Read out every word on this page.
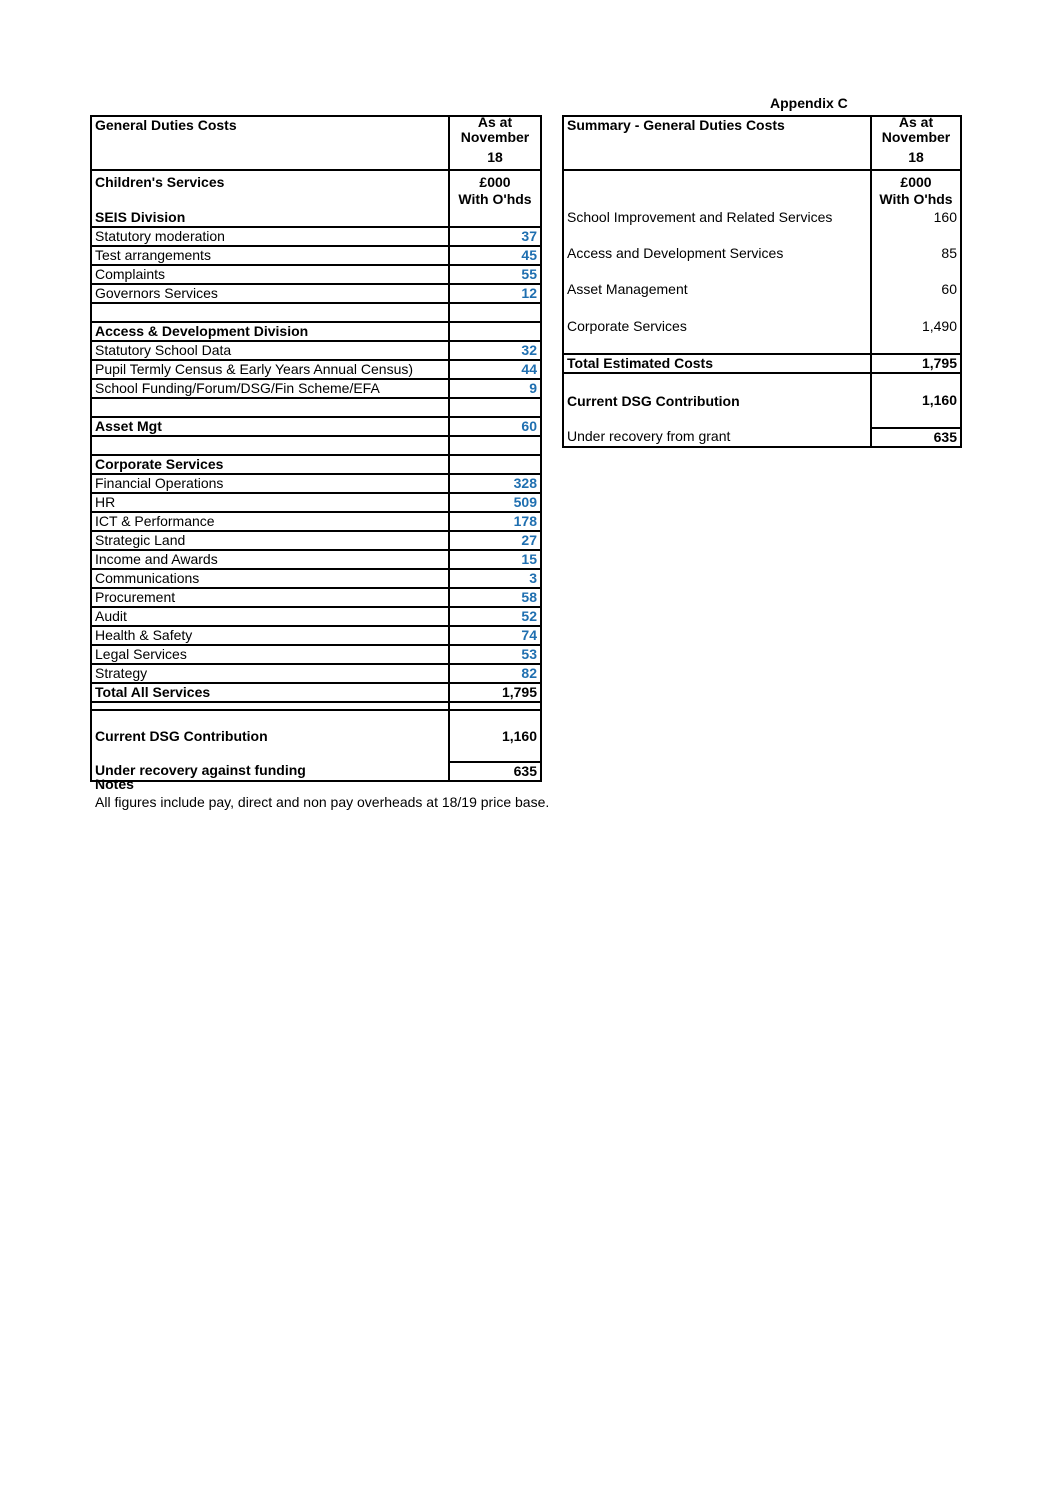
Appendix C
General Duties Costs	As at
November
18

Children's Services	£000
	With O'hds
SEIS Division	
Statutory moderation	37
Test arrangements	45
Complaints	55
Governors Services	12

Access & Development Division	
Statutory School Data	32
Pupil Termly Census & Early Years Annual Census)	44
School Funding/Forum/DSG/Fin Scheme/EFA	9

Asset Mgt	60

Corporate Services	
Financial Operations	328
HR	509
ICT & Performance	178
Strategic Land	27
Income and Awards	15
Communications	3
Procurement	58
Audit	52
Health & Safety	74
Legal Services	53
Strategy	82
Total All Services	1,795

Current DSG Contribution	1,160
Under recovery against funding	635
Summary - General Duties Costs	As at
November
18

	£000
	With O'hds
School Improvement and Related Services	160
Access and Development Services	85
Asset Management	60
Corporate Services	1,490
Total Estimated Costs	1,795
Current DSG Contribution	1,160
Under recovery from grant	635
Notes
All figures include pay, direct and non pay overheads at 18/19 price base.
